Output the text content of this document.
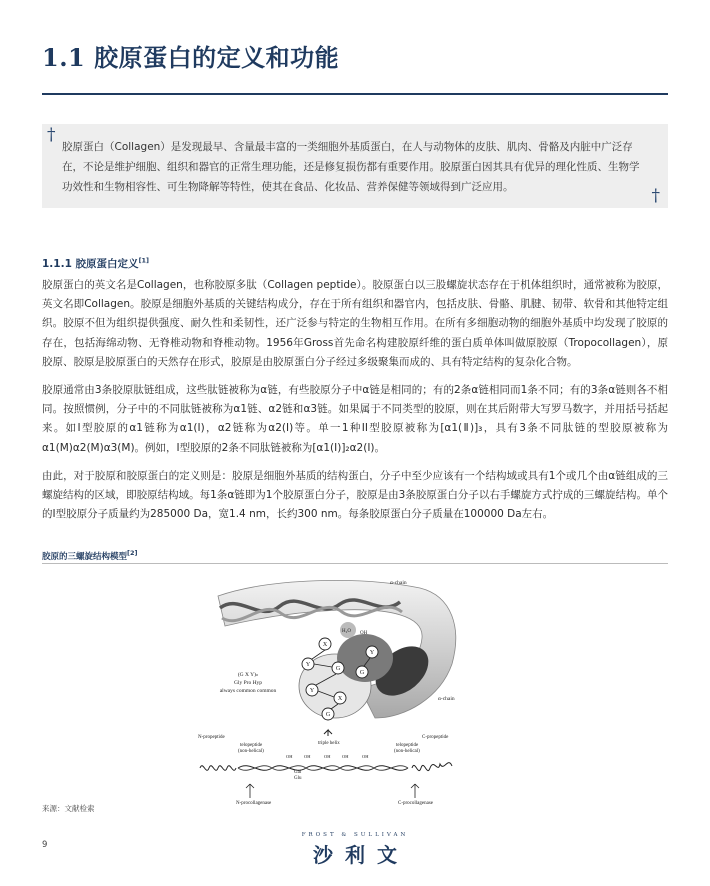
1.1 胶原蛋白的定义和功能
†
胶原蛋白（Collagen）是发现最早、含量最丰富的一类细胞外基质蛋白，在人与动物体的皮肤、肌肉、骨骼及内脏中广泛存在，不论是维护细胞、组织和器官的正常生理功能，还是修复损伤都有重要作用。胶原蛋白因其具有优异的理化性质、生物学功效性和生物相容性、可生物降解等特性，使其在食品、化妆品、营养保健等领域得到广泛应用。	†
1.1.1 胶原蛋白定义[1]

胶原蛋白的英文名是Collagen，也称胶原多肽（Collagen peptide）。胶原蛋白以三股螺旋状态存在于机体组织时，通常被称为胶原，英文名即Collagen。胶原是细胞外基质的关键结构成分，存在于所有组织和器官内，包括皮肤、骨骼、肌腱、韧带、软骨和其他特定组织。胶原不但为组织提供强度、耐久性和柔韧性，还广泛参与特定的生物相互作用。在所有多细胞动物的细胞外基质中均发现了胶原的存在，包括海绵动物、无脊椎动物和脊椎动物。1956年Gross首先命名构建胶原纤维的蛋白质单体叫做原胶原（Tropocollagen），原胶原、胶原是胶原蛋白的天然存在形式，胶原是由胶原蛋白分子经过多级聚集而成的、具有特定结构的复杂化合物。

胶原通常由3条胶原肽链组成，这些肽链被称为α链，有些胶原分子中α链是相同的；有的2条α链相同而1条不同；有的3条α链则各不相同。按照惯例，分子中的不同肽链被称为α1链、α2链和α3链。如果属于不同类型的胶原，则在其后附带大写罗马数字，并用括号括起来。如I型胶原的α1链称为α1(I)，α2链称为α2(I)等。单一1种II型胶原被称为[α1(Ⅱ)]₃，具有3条不同肽链的型胶原被称为α1(M)α2(M)α3(M)。例如，I型胶原的2条不同肽链被称为[α1(I)]₂α2(I)。

由此，对于胶原和胶原蛋白的定义则是：胶原是细胞外基质的结构蛋白，分子中至少应该有一个结构域或具有1个或几个由α链组成的三螺旋结构的区域，即胶原结构域。每1条α链即为1个胶原蛋白分子，胶原是由3条胶原蛋白分子以右手螺旋方式拧成的三螺旋结构。单个的I型胶原分子质量约为285000 Da，宽1.4 nm，长约300 nm。每条胶原蛋白分子质量在100000 Da左右。

胶原的三螺旋结构模型[2]
H₂O OH
α-chain
α-chain
X
Y
G
Y
X
G
Y
G
(G X Y)ₙ
Gly Pro Hyp
always common common
N-propeptide
telopeptide
(non-helical)
triple helix
C-propeptide
telopeptide
(non-helical)
Gal
Glu
N-procollagenase	C-procollagenase
OH	OH	OH	OH	OH
来源：文献检索
9
FROST & SULLIVAN
沙利文
